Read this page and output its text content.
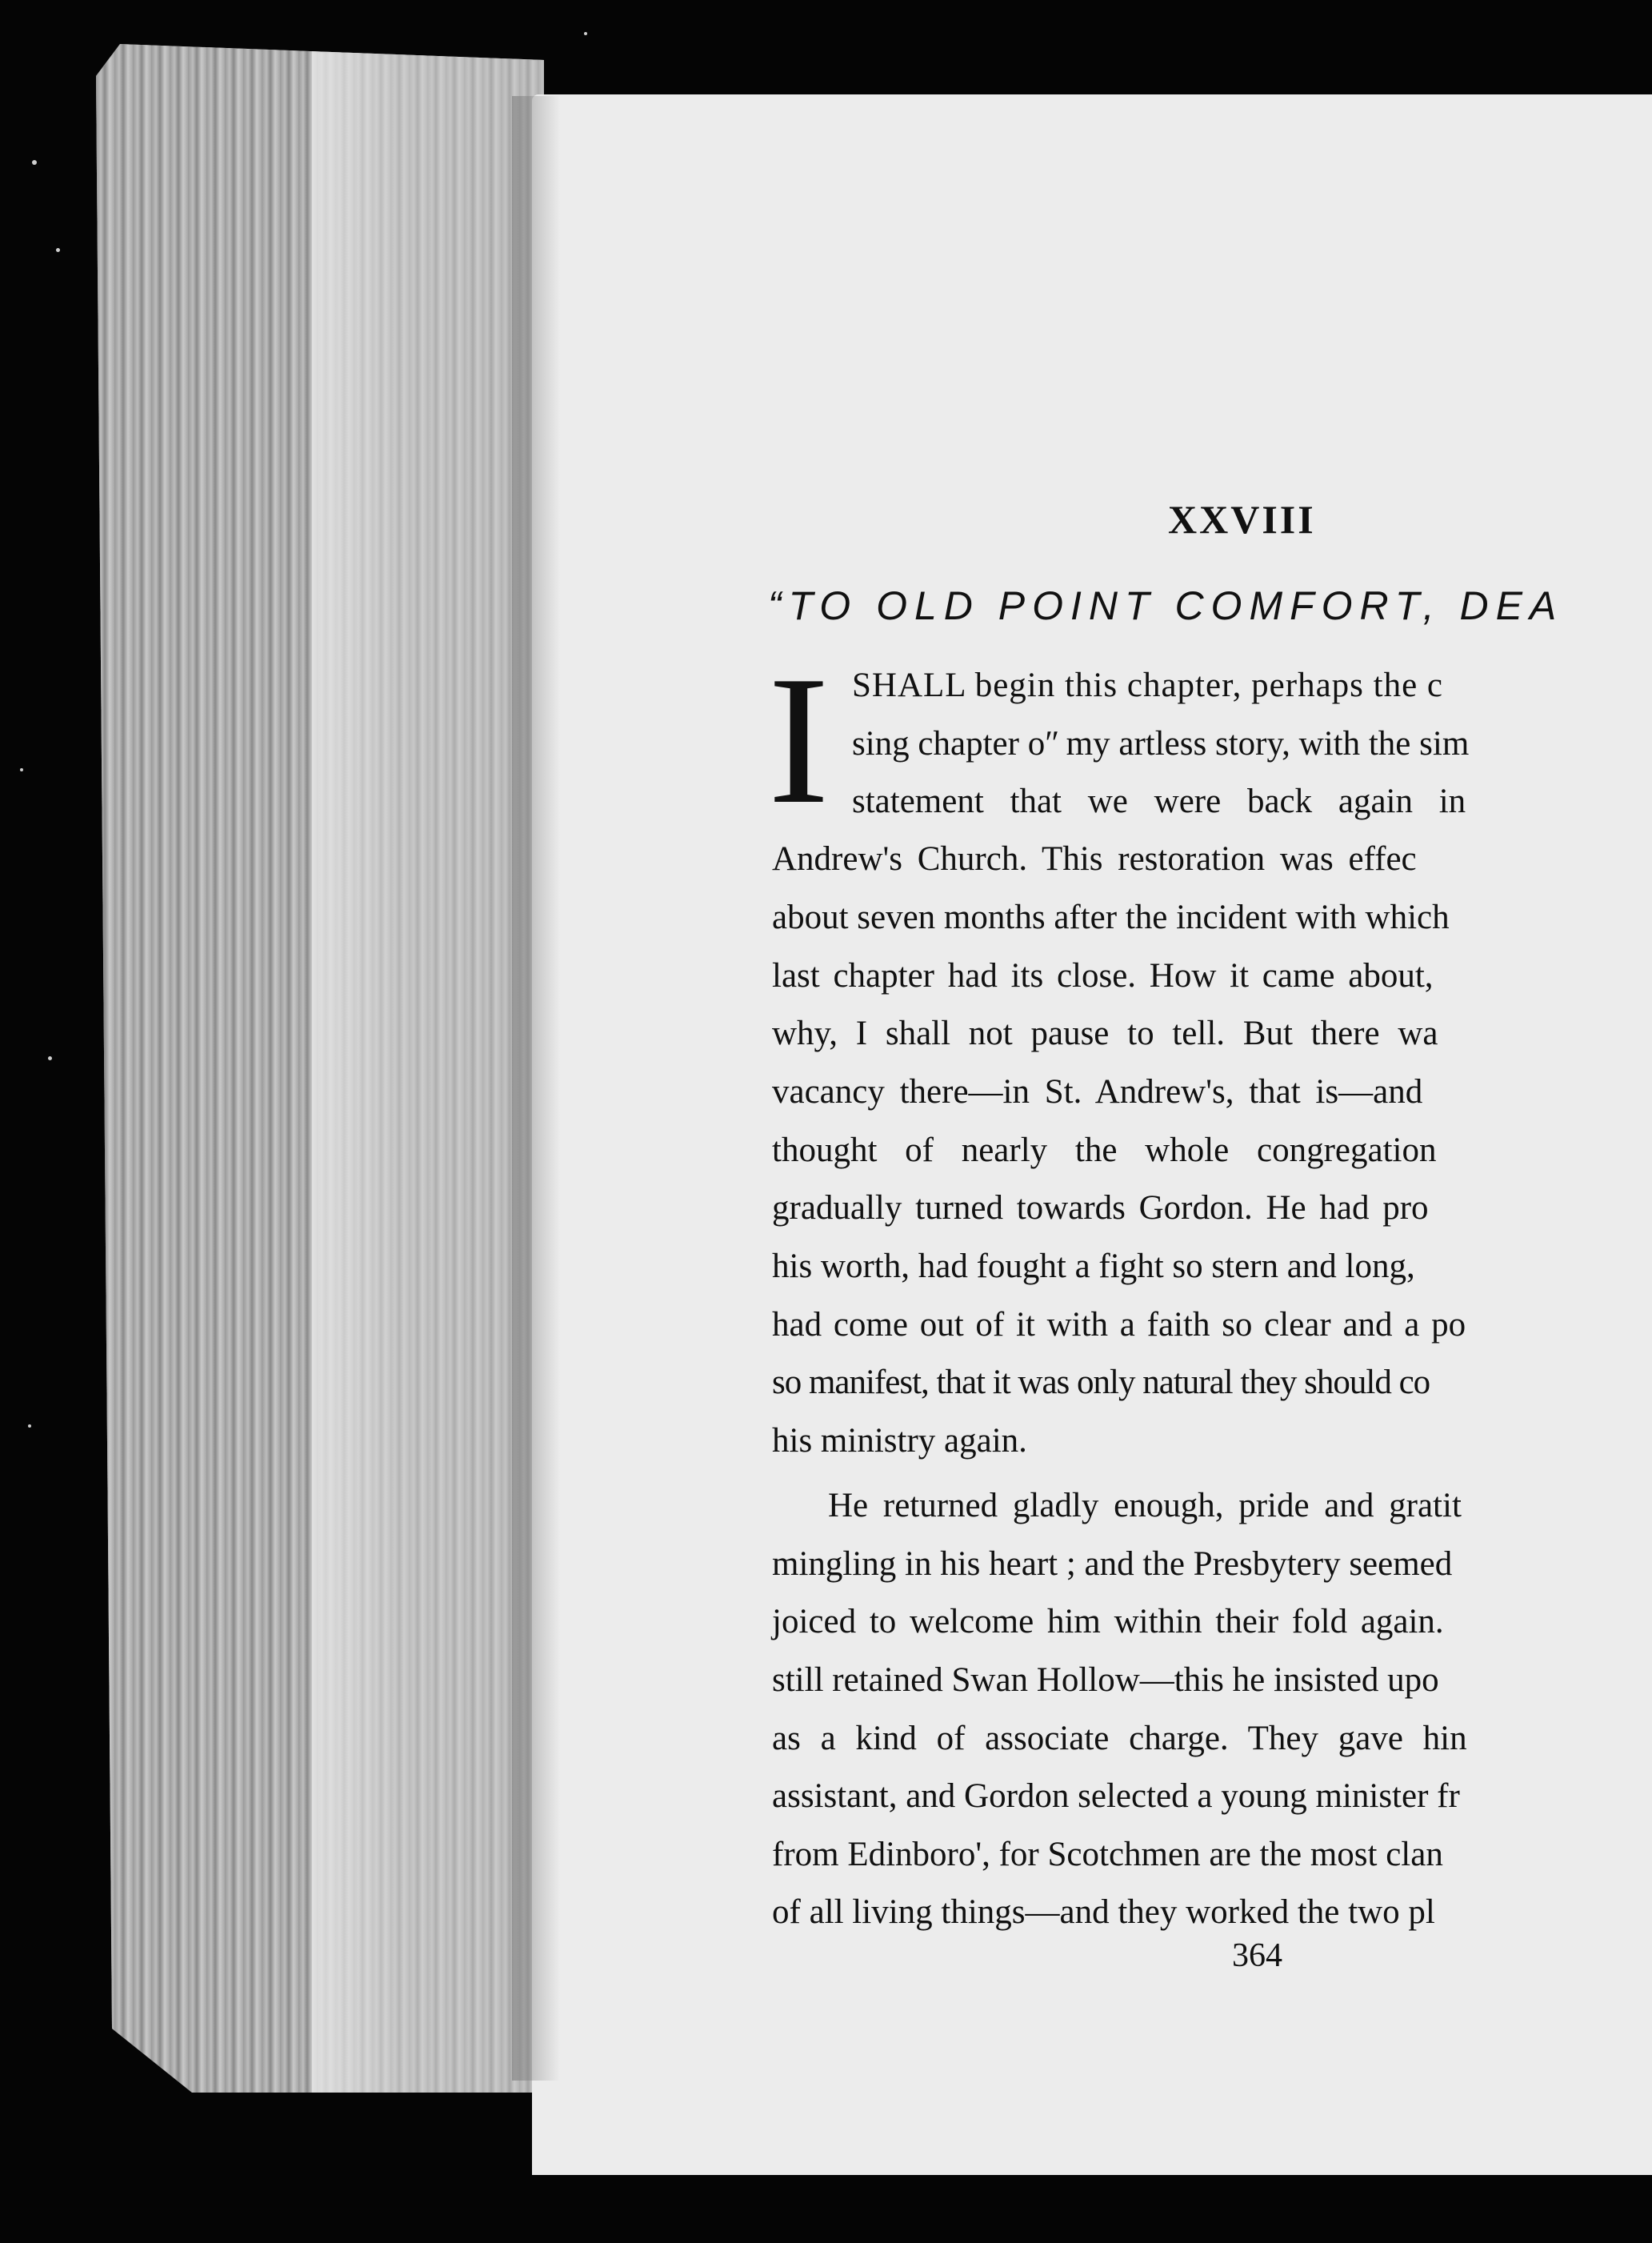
XXVIII
“TO OLD POINT COMFORT, DEA
I SHALL begin this chapter, perhaps the c
sing chapter oʺ my artless story, with the sim
statement that we were back again in
Andrew's Church. This restoration was effec
about seven months after the incident with which
last chapter had its close. How it came about,
why, I shall not pause to tell. But there wa
vacancy there—in St. Andrew's, that is—and
thought of nearly the whole congregation
gradually turned towards Gordon. He had pro
his worth, had fought a fight so stern and long,
had come out of it with a faith so clear and a po
so manifest, that it was only natural they should co
his ministry again.
He returned gladly enough, pride and gratit
mingling in his heart ; and the Presbytery seemed
joiced to welcome him within their fold again.
still retained Swan Hollow—this he insisted upo
as a kind of associate charge. They gave hin
assistant, and Gordon selected a young minister fr
from Edinboro', for Scotchmen are the most clan
of all living things—and they worked the two pl
364
